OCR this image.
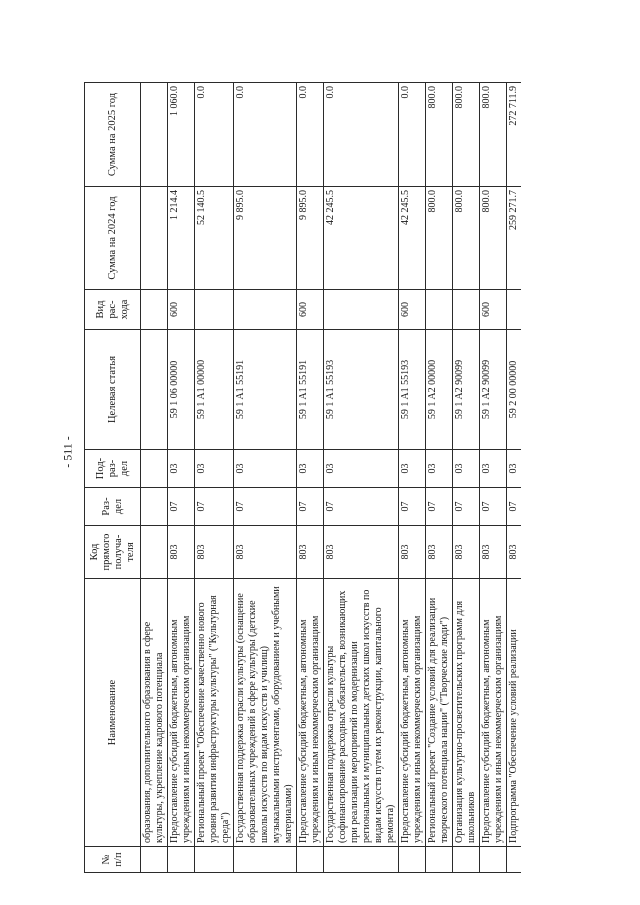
- 511 -
№ п/п	Наименование	Код прямого получа-теля	Раз-дел	Под-раз-дел	Целевая статья	Вид рас-хода	Сумма на 2024 год	Сумма на 2025 год
	образования, дополнительного образования в сфере культуры, укрепление кадрового потенциала							
	Предоставление субсидий бюджетным, автономным учреждениям и иным некоммерческим организациям	803	07	03	59 1 06 00000	600	1 214.4	1 060.0
	Региональный проект "Обеспечение качественно нового уровня развития инфраструктуры культуры" ("Культурная среда")	803	07	03	59 1 A1 00000		52 140.5	0.0
	Государственная поддержка отрасли культуры (оснащение образовательных учреждений в сфере культуры (детские школы искусств по видам искусств и училищ) музыкальными инструментами, оборудованием и учебными материалами)	803	07	03	59 1 A1 55191		9 895.0	0.0
	Предоставление субсидий бюджетным, автономным учреждениям и иным некоммерческим организациям	803	07	03	59 1 A1 55191	600	9 895.0	0.0
	Государственная поддержка отрасли культуры (софинансирование расходных обязательств, возникающих при реализации мероприятий по модернизации региональных и муниципальных детских школ искусств по видам искусств путем их реконструкции, капитального ремонта)	803	07	03	59 1 A1 55193		42 245.5	0.0
	Предоставление субсидий бюджетным, автономным учреждениям и иным некоммерческим организациям	803	07	03	59 1 A1 55193	600	42 245.5	0.0
	Региональный проект "Создание условий для реализации творческого потенциала нации" ("Творческие люди")	803	07	03	59 1 A2 00000		800.0	800.0
	Организация культурно-просветительских программ для школьников	803	07	03	59 1 A2 90099		800.0	800.0
	Предоставление субсидий бюджетным, автономным учреждениям и иным некоммерческим организациям	803	07	03	59 1 A2 90099	600	800.0	800.0
	Подпрограмма "Обеспечение условий реализации	803	07	03	59 2 00 00000		259 271.7	272 711.9
